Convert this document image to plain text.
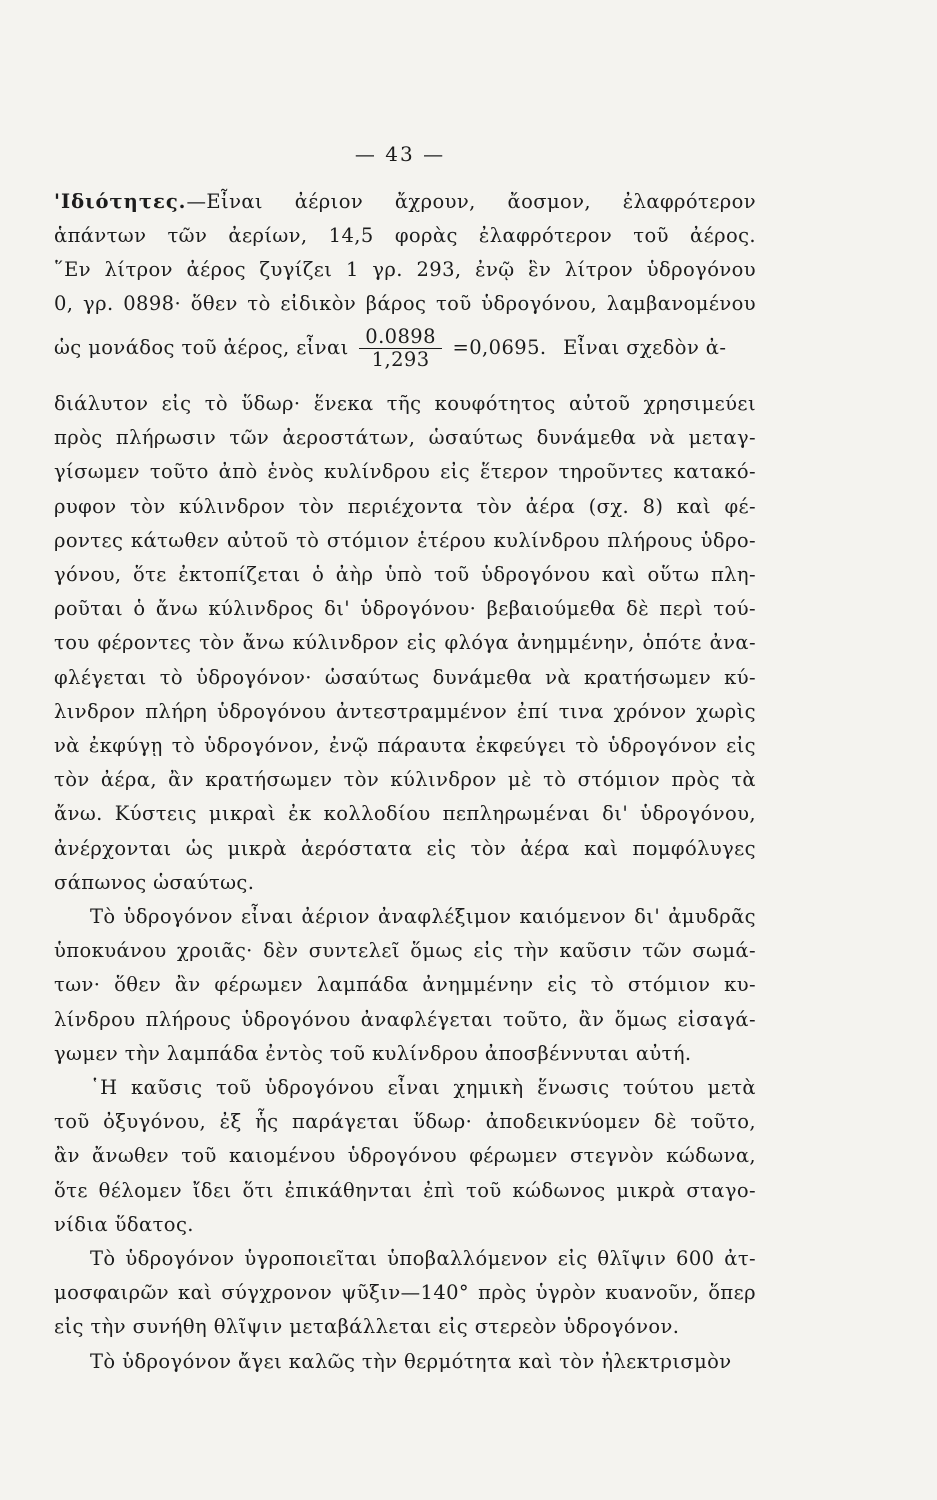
— 43 —
'Ιδιότητες.—Εἶναι ἀέριον ἄχρουν, ἄοσμον, ἐλαφρότερον
ἁπάντων τῶν ἀερίων, 14,5 φορὰς ἐλαφρότερον τοῦ ἀέρος.
῞Εν λίτρον ἀέρος ζυγίζει 1 γρ. 293, ἐνῷ ἓν λίτρον ὑδρογόνου
0, γρ. 0898· ὅθεν τὸ εἰδικὸν βάρος τοῦ ὑδρογόνου, λαμβανομένου
ὡς μονάδος τοῦ ἀέρος, εἶναι $\frac{0.0898}{1,293} =0,0695$. Εἶναι σχεδὸν ἀ-
διάλυτον εἰς τὸ ὕδωρ· ἕνεκα τῆς κουφότητος αὐτοῦ χρησιμεύει
πρὸς πλήρωσιν τῶν ἀεροστάτων, ὡσαύτως δυνάμεθα νὰ μεταγ-
γίσωμεν τοῦτο ἀπὸ ἑνὸς κυλίνδρου εἰς ἕτερον τηροῦντες κατακό-
ρυφον τὸν κύλινδρον τὸν περιέχοντα τὸν ἀέρα (σχ. 8) καὶ φέ-
ροντες κάτωθεν αὐτοῦ τὸ στόμιον ἑτέρου κυλίνδρου πλήρους ὑδρο-
γόνου, ὅτε ἐκτοπίζεται ὁ ἀὴρ ὑπὸ τοῦ ὑδρογόνου καὶ οὕτω πλη-
ροῦται ὁ ἄνω κύλινδρος δι' ὑδρογόνου· βεβαιούμεθα δὲ περὶ τού-
του φέροντες τὸν ἄνω κύλινδρον εἰς φλόγα ἀνημμένην, ὁπότε ἀνα-
φλέγεται τὸ ὑδρογόνον· ὡσαύτως δυνάμεθα νὰ κρατήσωμεν κύ-
λινδρον πλήρη ὑδρογόνου ἀντεστραμμένον ἐπί τινα χρόνον χωρὶς
νὰ ἐκφύγῃ τὸ ὑδρογόνον, ἐνῷ πάραυτα ἐκφεύγει τὸ ὑδρογόνον εἰς
τὸν ἀέρα, ἂν κρατήσωμεν τὸν κύλινδρον μὲ τὸ στόμιον πρὸς τὰ
ἄνω. Κύστεις μικραὶ ἐκ κολλοδίου πεπληρωμέναι δι' ὑδρογόνου,
ἀνέρχονται ὡς μικρὰ ἀερόστατα εἰς τὸν ἀέρα καὶ πομφόλυγες
σάπωνος ὡσαύτως.
Τὸ ὑδρογόνον εἶναι ἀέριον ἀναφλέξιμον καιόμενον δι' ἀμυδρᾶς
ὑποκυάνου χροιᾶς· δὲν συντελεῖ ὅμως εἰς τὴν καῦσιν τῶν σωμά-
των· ὅθεν ἂν φέρωμεν λαμπάδα ἀνημμένην εἰς τὸ στόμιον κυ-
λίνδρου πλήρους ὑδρογόνου ἀναφλέγεται τοῦτο, ἂν ὅμως εἰσαγά-
γωμεν τὴν λαμπάδα ἐντὸς τοῦ κυλίνδρου ἀποσβέννυται αὐτή.
῾Η καῦσις τοῦ ὑδρογόνου εἶναι χημικὴ ἕνωσις τούτου μετὰ
τοῦ ὀξυγόνου, ἐξ ἧς παράγεται ὕδωρ· ἀποδεικνύομεν δὲ τοῦτο,
ἂν ἄνωθεν τοῦ καιομένου ὑδρογόνου φέρωμεν στεγνὸν κώδωνα,
ὅτε θέλομεν ἴδει ὅτι ἐπικάθηνται ἐπὶ τοῦ κώδωνος μικρὰ σταγο-
νίδια ὕδατος.
Τὸ ὑδρογόνον ὑγροποιεῖται ὑποβαλλόμενον εἰς θλῖψιν 600 ἀτ-
μοσφαιρῶν καὶ σύγχρονον ψῦξιν—140° πρὸς ὑγρὸν κυανοῦν, ὅπερ
εἰς τὴν συνήθη θλῖψιν μεταβάλλεται εἰς στερεὸν ὑδρογόνον.
Τὸ ὑδρογόνον ἄγει καλῶς τὴν θερμότητα καὶ τὸν ἠλεκτρισμὸν
